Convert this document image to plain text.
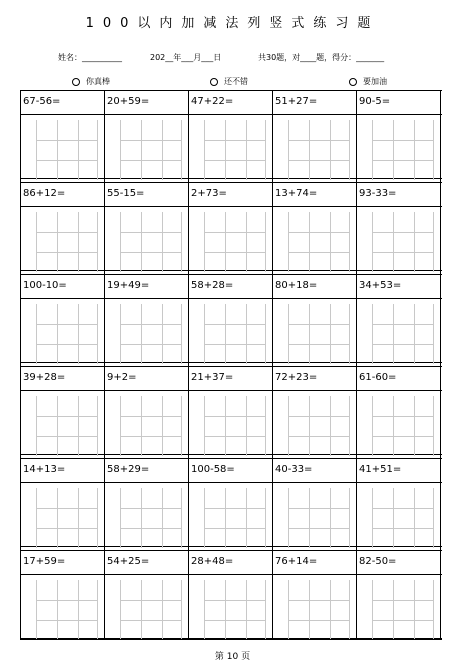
100以内加减法列竖式练习题
姓名：__________	202__年___月___日	共30题，对____题，得分：_______
你真棒	还不错	要加油
67-56=	20+59=	47+22=	51+27=	90-5=
86+12=	55-15=	2+73=	13+74=	93-33=
100-10=	19+49=	58+28=	80+18=	34+53=
39+28=	9+2=	21+37=	72+23=	61-60=
14+13=	58+29=	100-58=	40-33=	41+51=
17+59=	54+25=	28+48=	76+14=	82-50=
第 10 页
